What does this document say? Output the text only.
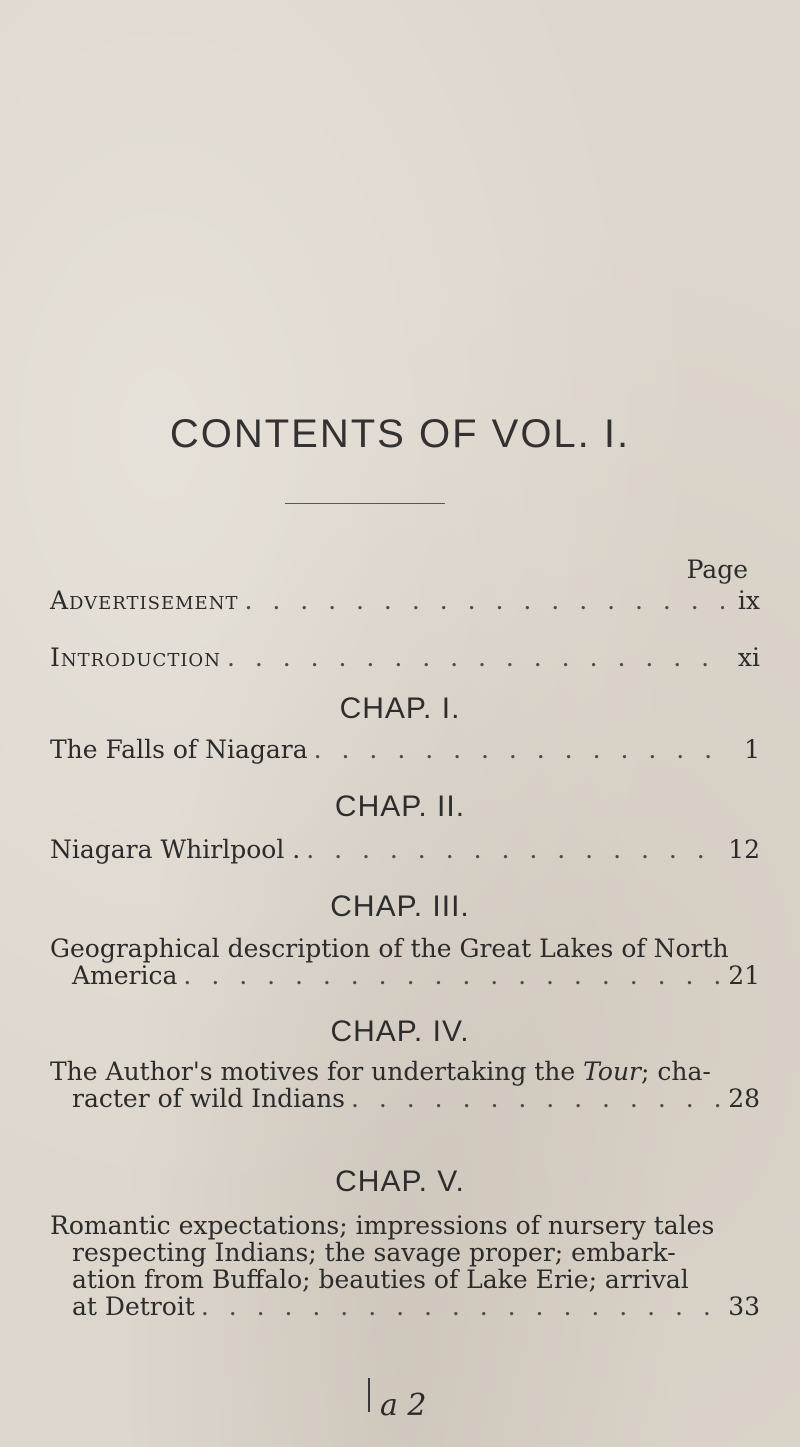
CONTENTS OF VOL. I.
Page
Advertisement . . .	ix
Introduction . . .	xi
CHAP. I.
The Falls of Niagara . . .	1
CHAP. II.
Niagara Whirlpool . . . .	12
CHAP. III.
Geographical description of the Great Lakes of North
America . . .	21
CHAP. IV.
The Author's motives for undertaking the Tour; cha-
racter of wild Indians . . .	28
CHAP. V.
Romantic expectations; impressions of nursery tales
respecting Indians; the savage proper; embark-
ation from Buffalo; beauties of Lake Erie; arrival
at Detroit . . .	33
a 2
